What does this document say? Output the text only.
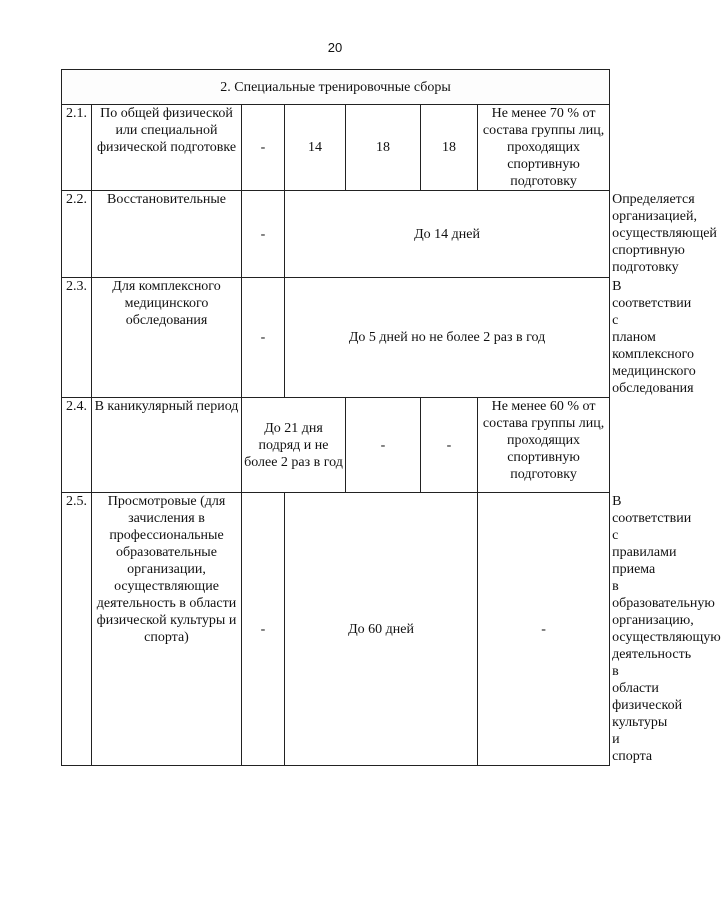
20
2. Специальные тренировочные сборы							
2.1.	По общей физической или специальной физической подготовке	-	14	18	18	Не менее 70 % от состава группы лиц, проходящих спортивную подготовку	
2.2.	Восстановительные	-	До 14 дней				Определяется организацией, осуществляющей спортивную подготовку
2.3.	Для комплексного медицинского обследования	-	До 5 дней но не более 2 раз в год				В соответствии с планом комплексного медицинского обследования
2.4.	В каникулярный период	До 21 дня подряд и не более 2 раз в год		-	-	Не менее 60 % от состава группы лиц, проходящих спортивную подготовку	
2.5.	Просмотровые (для зачисления в профессиональные образовательные организации, осуществляющие деятельность в области физической культуры и спорта)	-	До 60 дней			-	В соответствии с правилами приема в образовательную организацию, осуществляющую деятельность в области физической культуры и спорта
